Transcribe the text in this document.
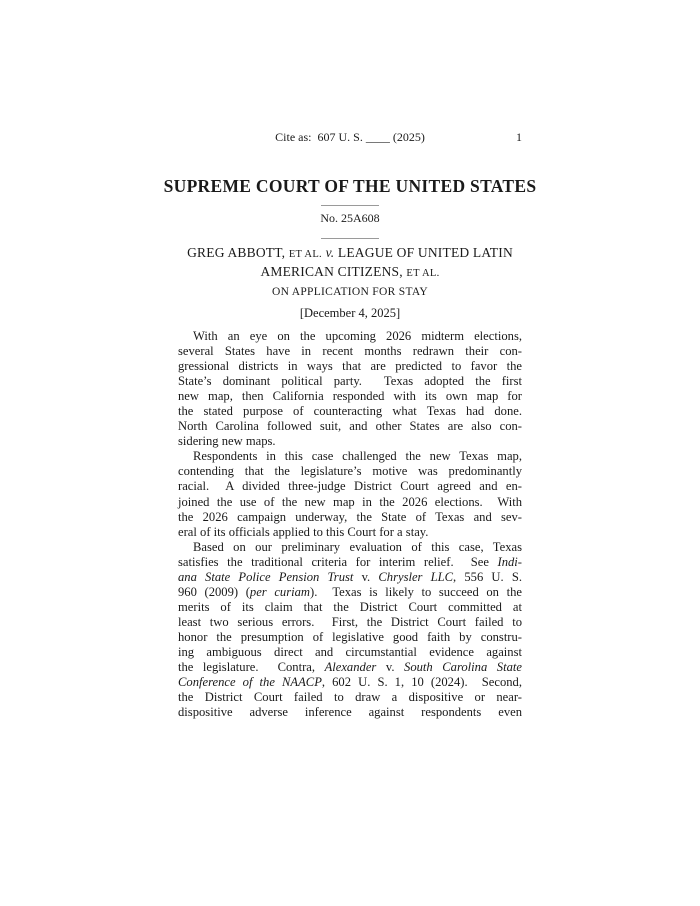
Cite as:  607 U. S. ____ (2025)	1
SUPREME COURT OF THE UNITED STATES
No. 25A608
GREG ABBOTT, ET AL. v. LEAGUE OF UNITED LATIN
AMERICAN CITIZENS, ET AL.
ON APPLICATION FOR STAY
[December 4, 2025]
With an eye on the upcoming 2026 midterm elections,
several States have in recent months redrawn their con-
gressional districts in ways that are predicted to favor the
State’s dominant political party.  Texas adopted the first
new map, then California responded with its own map for
the stated purpose of counteracting what Texas had done.
North Carolina followed suit, and other States are also con-
sidering new maps.
Respondents in this case challenged the new Texas map,
contending that the legislature’s motive was predominantly
racial.  A divided three-judge District Court agreed and en-
joined the use of the new map in the 2026 elections.  With
the 2026 campaign underway, the State of Texas and sev-
eral of its officials applied to this Court for a stay.
Based on our preliminary evaluation of this case, Texas
satisfies the traditional criteria for interim relief.  See Indi-
ana State Police Pension Trust v. Chrysler LLC, 556 U. S.
960 (2009) (per curiam).  Texas is likely to succeed on the
merits of its claim that the District Court committed at
least two serious errors.  First, the District Court failed to
honor the presumption of legislative good faith by constru-
ing ambiguous direct and circumstantial evidence against
the legislature.  Contra, Alexander v. South Carolina State
Conference of the NAACP, 602 U. S. 1, 10 (2024).  Second,
the District Court failed to draw a dispositive or near-
dispositive adverse inference against respondents even
